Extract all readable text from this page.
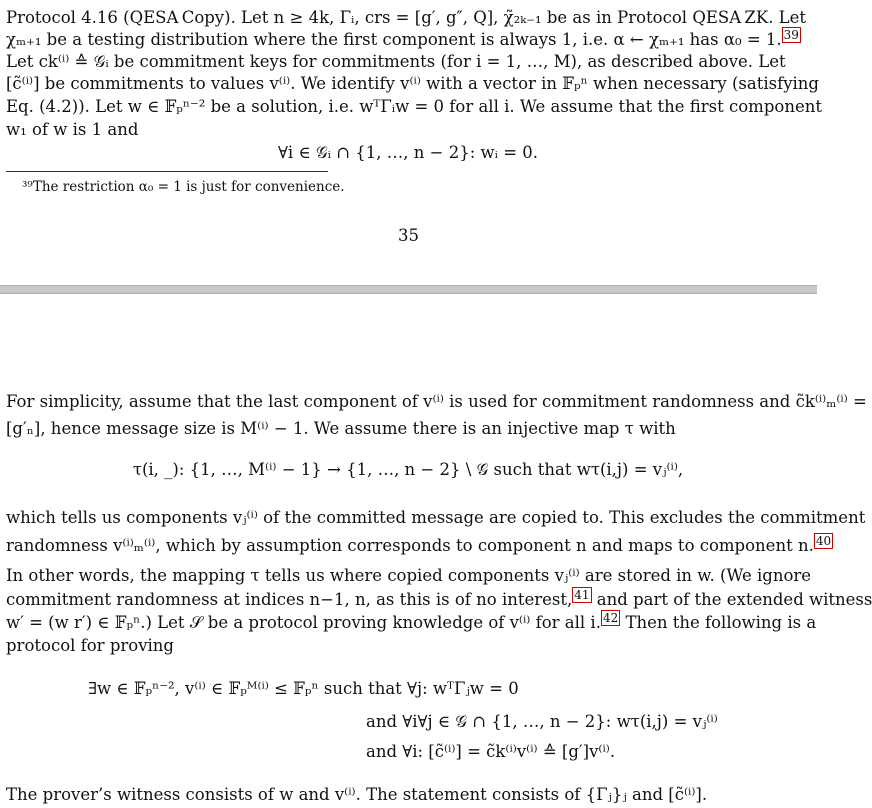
Protocol 4.16 (QESA Copy). Let n ≥ 4k, Γᵢ, crs = [g′, g″, Q], χ̃₂ₖ₋₁ be as in Protocol QESA ZK. Let
χₘ₊₁ be a testing distribution where the first component is always 1, i.e. α ← χₘ₊₁ has α₀ = 1. $^{39}$
Let ck⁽ⁱ⁾ ≙ 𝒢ᵢ be commitment keys for commitments (for i = 1, …, M), as described above. Let
[c̃⁽ⁱ⁾] be commitments to values v⁽ⁱ⁾. We identify v⁽ⁱ⁾ with a vector in 𝔽ₚⁿ when necessary (satisfying
Eq. (4.2)). Let w ∈ 𝔽ₚⁿ⁻² be a solution, i.e. wᵀΓᵢw = 0 for all i. We assume that the first component
w₁ of w is 1 and
∀i ∈ 𝒢ᵢ ∩ {1, …, n − 2}: wᵢ = 0.
³⁹The restriction α₀ = 1 is just for convenience.
35
For simplicity, assume that the last component of v⁽ⁱ⁾ is used for commitment randomness and c̃k⁽ⁱ⁾ₘ⁽ⁱ⁾ =
[g′ₙ], hence message size is M⁽ⁱ⁾ − 1. We assume there is an injective map τ with
τ(i, _): {1, …, M⁽ⁱ⁾ − 1} → {1, …, n − 2} \ 𝒢 such that wτ(i,j) = vⱼ⁽ⁱ⁾,
which tells us components vⱼ⁽ⁱ⁾ of the committed message are copied to. This excludes the commitment
randomness v⁽ⁱ⁾ₘ⁽ⁱ⁾, which by assumption corresponds to component n and maps to component n. $^{40}$
In other words, the mapping τ tells us where copied components vⱼ⁽ⁱ⁾ are stored in w. (We ignore
commitment randomness at indices n−1, n, as this is of no interest, $^{41}$ and part of the extended witness
w′ = (w r′) ∈ 𝔽ₚⁿ.) Let 𝒮 be a protocol proving knowledge of v⁽ⁱ⁾ for all i. $^{42}$ Then the following is a
protocol for proving
∃w ∈ 𝔽ₚⁿ⁻², v⁽ⁱ⁾ ∈ 𝔽ₚᴹ⁽ⁱ⁾ ≤ 𝔽ₚⁿ such that ∀j: wᵀΓⱼw = 0
and ∀i∀j ∈ 𝒢 ∩ {1, …, n − 2}: wτ(i,j) = vⱼ⁽ⁱ⁾
and ∀i: [c̃⁽ⁱ⁾] = c̃k⁽ⁱ⁾v⁽ⁱ⁾ ≙ [g′]v⁽ⁱ⁾.
The prover’s witness consists of w and v⁽ⁱ⁾. The statement consists of {Γⱼ}ⱼ and [c̃⁽ⁱ⁾].
